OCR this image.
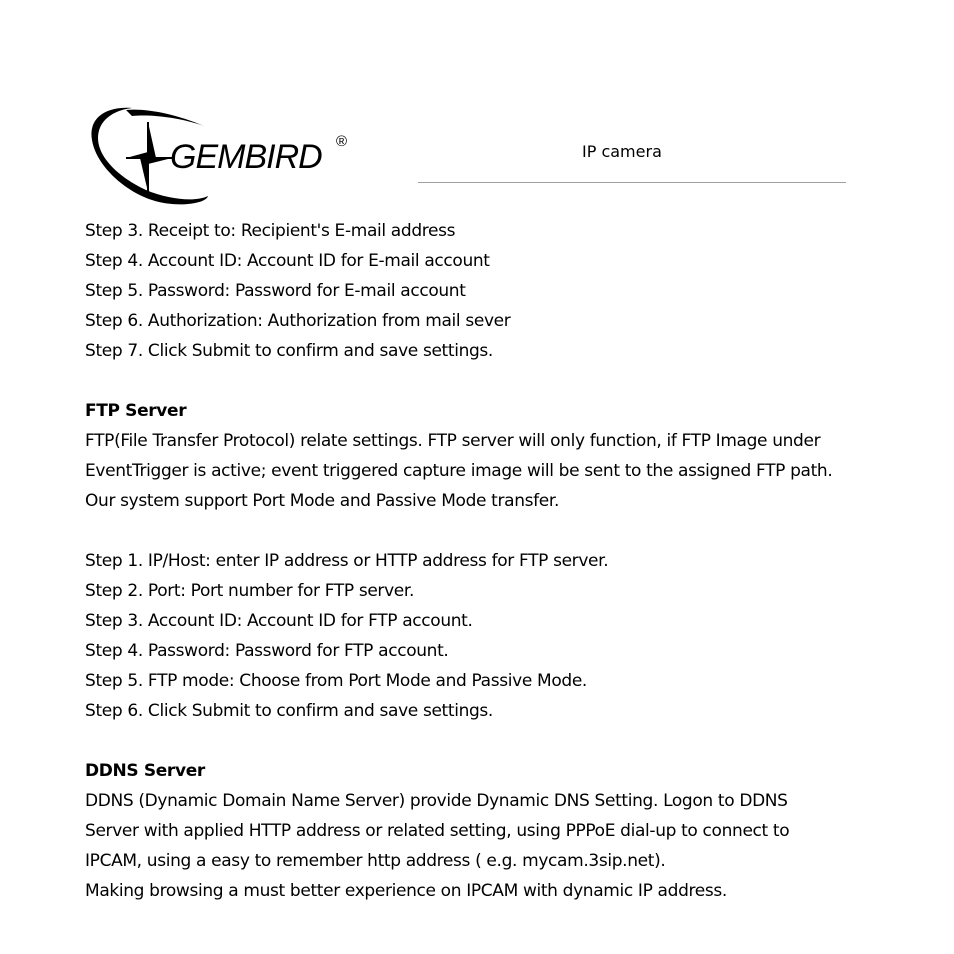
GEMBIRD ®
IP camera
Step 3. Receipt to: Recipient's E-mail address
Step 4. Account ID: Account ID for E-mail account
Step 5. Password: Password for E-mail account
Step 6. Authorization: Authorization from mail sever
Step 7. Click Submit to confirm and save settings.
FTP Server
FTP(File Transfer Protocol) relate settings. FTP server will only function, if FTP Image under
EventTrigger is active; event triggered capture image will be sent to the assigned FTP path.
Our system support Port Mode and Passive Mode transfer.
Step 1. IP/Host: enter IP address or HTTP address for FTP server.
Step 2. Port: Port number for FTP server.
Step 3. Account ID: Account ID for FTP account.
Step 4. Password: Password for FTP account.
Step 5. FTP mode: Choose from Port Mode and Passive Mode.
Step 6. Click Submit to confirm and save settings.
DDNS Server
DDNS (Dynamic Domain Name Server) provide Dynamic DNS Setting. Logon to DDNS
Server with applied HTTP address or related setting, using PPPoE dial-up to connect to
IPCAM, using a easy to remember http address ( e.g. mycam.3sip.net).
Making browsing a must better experience on IPCAM with dynamic IP address.
